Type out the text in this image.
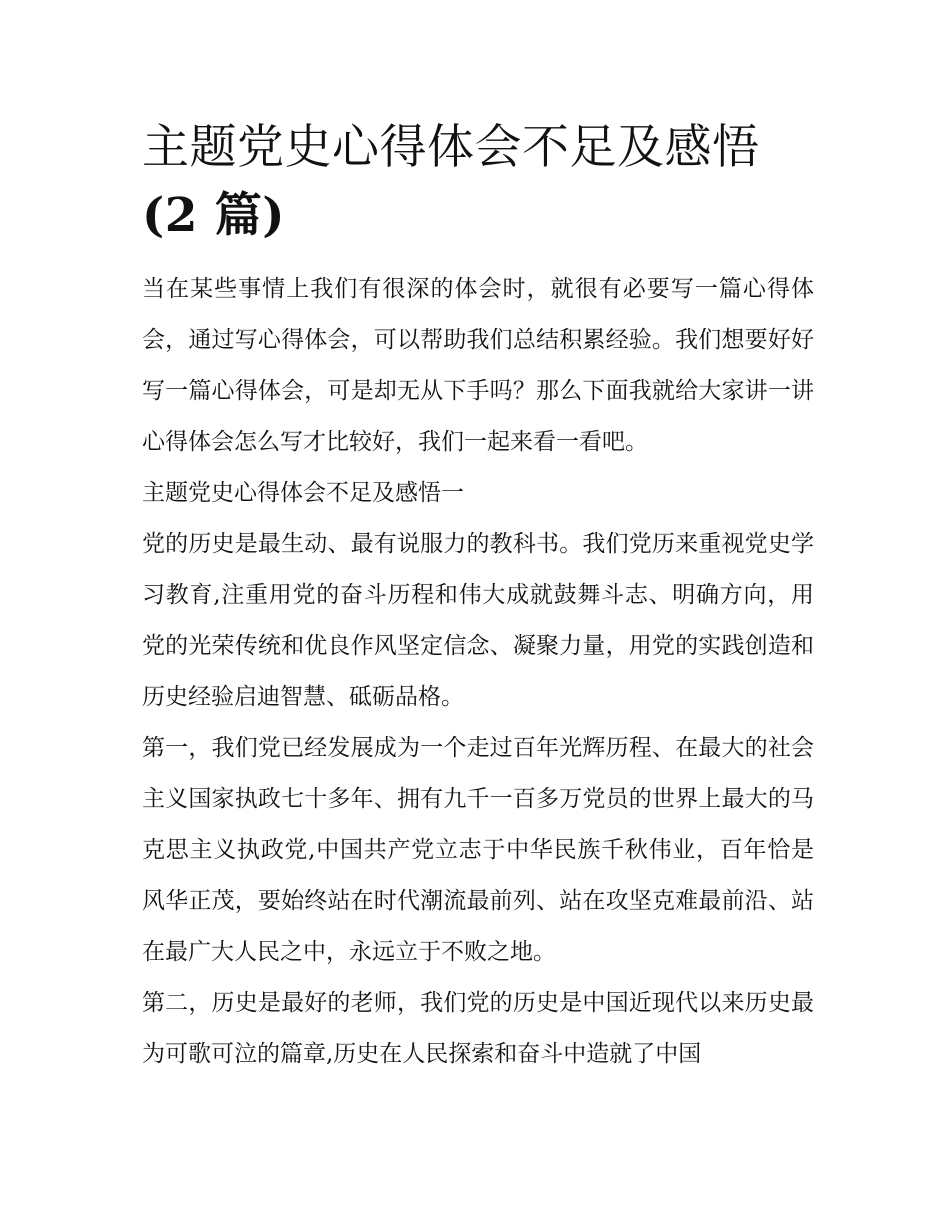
主题党史心得体会不足及感悟
(2 篇)

当在某些事情上我们有很深的体会时，就很有必要写一篇心得体会，通过写心得体会，可以帮助我们总结积累经验。我们想要好好写一篇心得体会，可是却无从下手吗？那么下面我就给大家讲一讲心得体会怎么写才比较好，我们一起来看一看吧。

主题党史心得体会不足及感悟一

党的历史是最生动、最有说服力的教科书。我们党历来重视党史学习教育,注重用党的奋斗历程和伟大成就鼓舞斗志、明确方向，用党的光荣传统和优良作风坚定信念、凝聚力量，用党的实践创造和历史经验启迪智慧、砥砺品格。

第一，我们党已经发展成为一个走过百年光辉历程、在最大的社会主义国家执政七十多年、拥有九千一百多万党员的世界上最大的马克思主义执政党,中国共产党立志于中华民族千秋伟业，百年恰是风华正茂，要始终站在时代潮流最前列、站在攻坚克难最前沿、站在最广大人民之中，永远立于不败之地。

第二，历史是最好的老师，我们党的历史是中国近现代以来历史最为可歌可泣的篇章,历史在人民探索和奋斗中造就了中国
